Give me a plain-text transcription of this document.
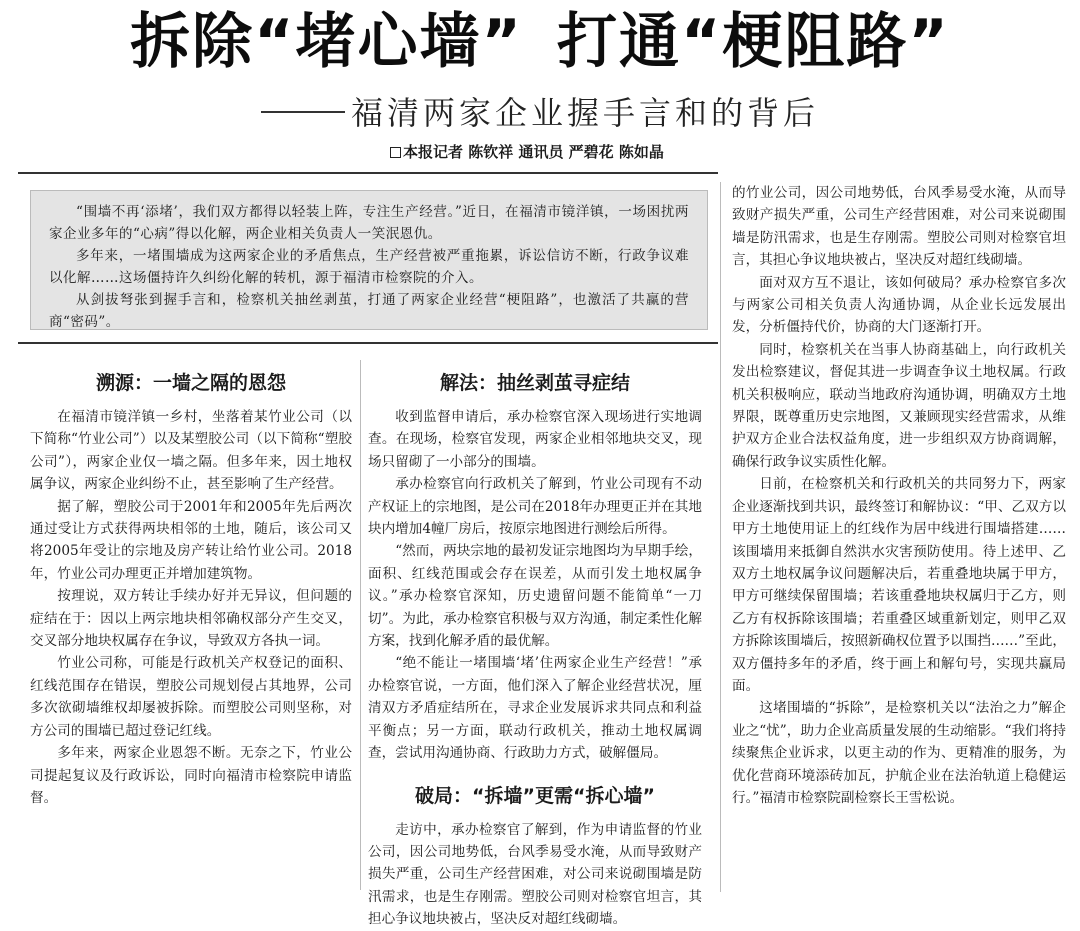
拆除“堵心墙” 打通“梗阻路”
福清两家企业握手言和的背后
本报记者 陈钦祥 通讯员 严碧花 陈如晶

“围墙不再‘添堵’，我们双方都得以轻装上阵，专注生产经营。”近日，在福清市镜洋镇，一场困扰两家企业多年的“心病”得以化解，两企业相关负责人一笑泯恩仇。

多年来，一堵围墙成为这两家企业的矛盾焦点，生产经营被严重拖累，诉讼信访不断，行政争议难以化解……这场僵持许久纠纷化解的转机，源于福清市检察院的介入。

从剑拔弩张到握手言和，检察机关抽丝剥茧，打通了两家企业经营“梗阻路”，也激活了共赢的营商“密码”。

溯源：一墙之隔的恩怨

在福清市镜洋镇一乡村，坐落着某竹业公司（以下简称“竹业公司”）以及某塑胶公司（以下简称“塑胶公司”），两家企业仅一墙之隔。但多年来，因土地权属争议，两家企业纠纷不止，甚至影响了生产经营。

据了解，塑胶公司于2001年和2005年先后两次通过受让方式获得两块相邻的土地，随后，该公司又将2005年受让的宗地及房产转让给竹业公司。2018年，竹业公司办理更正并增加建筑物。

按理说，双方转让手续办好并无异议，但问题的症结在于：因以上两宗地块相邻确权部分产生交叉，交叉部分地块权属存在争议，导致双方各执一词。

竹业公司称，可能是行政机关产权登记的面积、红线范围存在错误，塑胶公司规划侵占其地界，公司多次欲砌墙维权却屡被拆除。而塑胶公司则坚称，对方公司的围墙已超过登记红线。

多年来，两家企业恩怨不断。无奈之下，竹业公司提起复议及行政诉讼，同时向福清市检察院申请监督。

解法：抽丝剥茧寻症结

收到监督申请后，承办检察官深入现场进行实地调查。在现场，检察官发现，两家企业相邻地块交叉，现场只留砌了一小部分的围墙。

承办检察官向行政机关了解到，竹业公司现有不动产权证上的宗地图，是公司在2018年办理更正并在其地块内增加4幢厂房后，按原宗地图进行测绘后所得。

“然而，两块宗地的最初发证宗地图均为早期手绘，面积、红线范围或会存在误差，从而引发土地权属争议。”承办检察官深知，历史遗留问题不能简单“一刀切”。为此，承办检察官积极与双方沟通，制定柔性化解方案，找到化解矛盾的最优解。

“绝不能让一堵围墙‘堵’住两家企业生产经营！”承办检察官说，一方面，他们深入了解企业经营状况，厘清双方矛盾症结所在，寻求企业发展诉求共同点和利益平衡点；另一方面，联动行政机关，推动土地权属调查，尝试用沟通协商、行政助力方式，破解僵局。

破局：“拆墙”更需“拆心墙”

走访中，承办检察官了解到，作为申请监督的竹业公司，因公司地势低，台风季易受水淹，从而导致财产损失严重，公司生产经营困难，对公司来说砌围墙是防汛需求，也是生存刚需。塑胶公司则对检察官坦言，其担心争议地块被占，坚决反对超红线砌墙。

的竹业公司，因公司地势低，台风季易受水淹，从而导致财产损失严重，公司生产经营困难，对公司来说砌围墙是防汛需求，也是生存刚需。塑胶公司则对检察官坦言，其担心争议地块被占，坚决反对超红线砌墙。

面对双方互不退让，该如何破局？承办检察官多次与两家公司相关负责人沟通协调，从企业长远发展出发，分析僵持代价，协商的大门逐渐打开。

同时，检察机关在当事人协商基础上，向行政机关发出检察建议，督促其进一步调查争议土地权属。行政机关积极响应，联动当地政府沟通协调，明确双方土地界限，既尊重历史宗地图，又兼顾现实经营需求，从维护双方企业合法权益角度，进一步组织双方协商调解，确保行政争议实质性化解。

日前，在检察机关和行政机关的共同努力下，两家企业逐渐找到共识，最终签订和解协议：“甲、乙双方以甲方土地使用证上的红线作为居中线进行围墙搭建……该围墙用来抵御自然洪水灾害预防使用。待上述甲、乙双方土地权属争议问题解决后，若重叠地块属于甲方，甲方可继续保留围墙；若该重叠地块权属归于乙方，则乙方有权拆除该围墙；若重叠区域重新划定，则甲乙双方拆除该围墙后，按照新确权位置予以围挡……”至此，双方僵持多年的矛盾，终于画上和解句号，实现共赢局面。

这堵围墙的“拆除”，是检察机关以“法治之力”解企业之“忧”，助力企业高质量发展的生动缩影。“我们将持续聚焦企业诉求，以更主动的作为、更精准的服务，为优化营商环境添砖加瓦，护航企业在法治轨道上稳健运行。”福清市检察院副检察长王雪松说。
